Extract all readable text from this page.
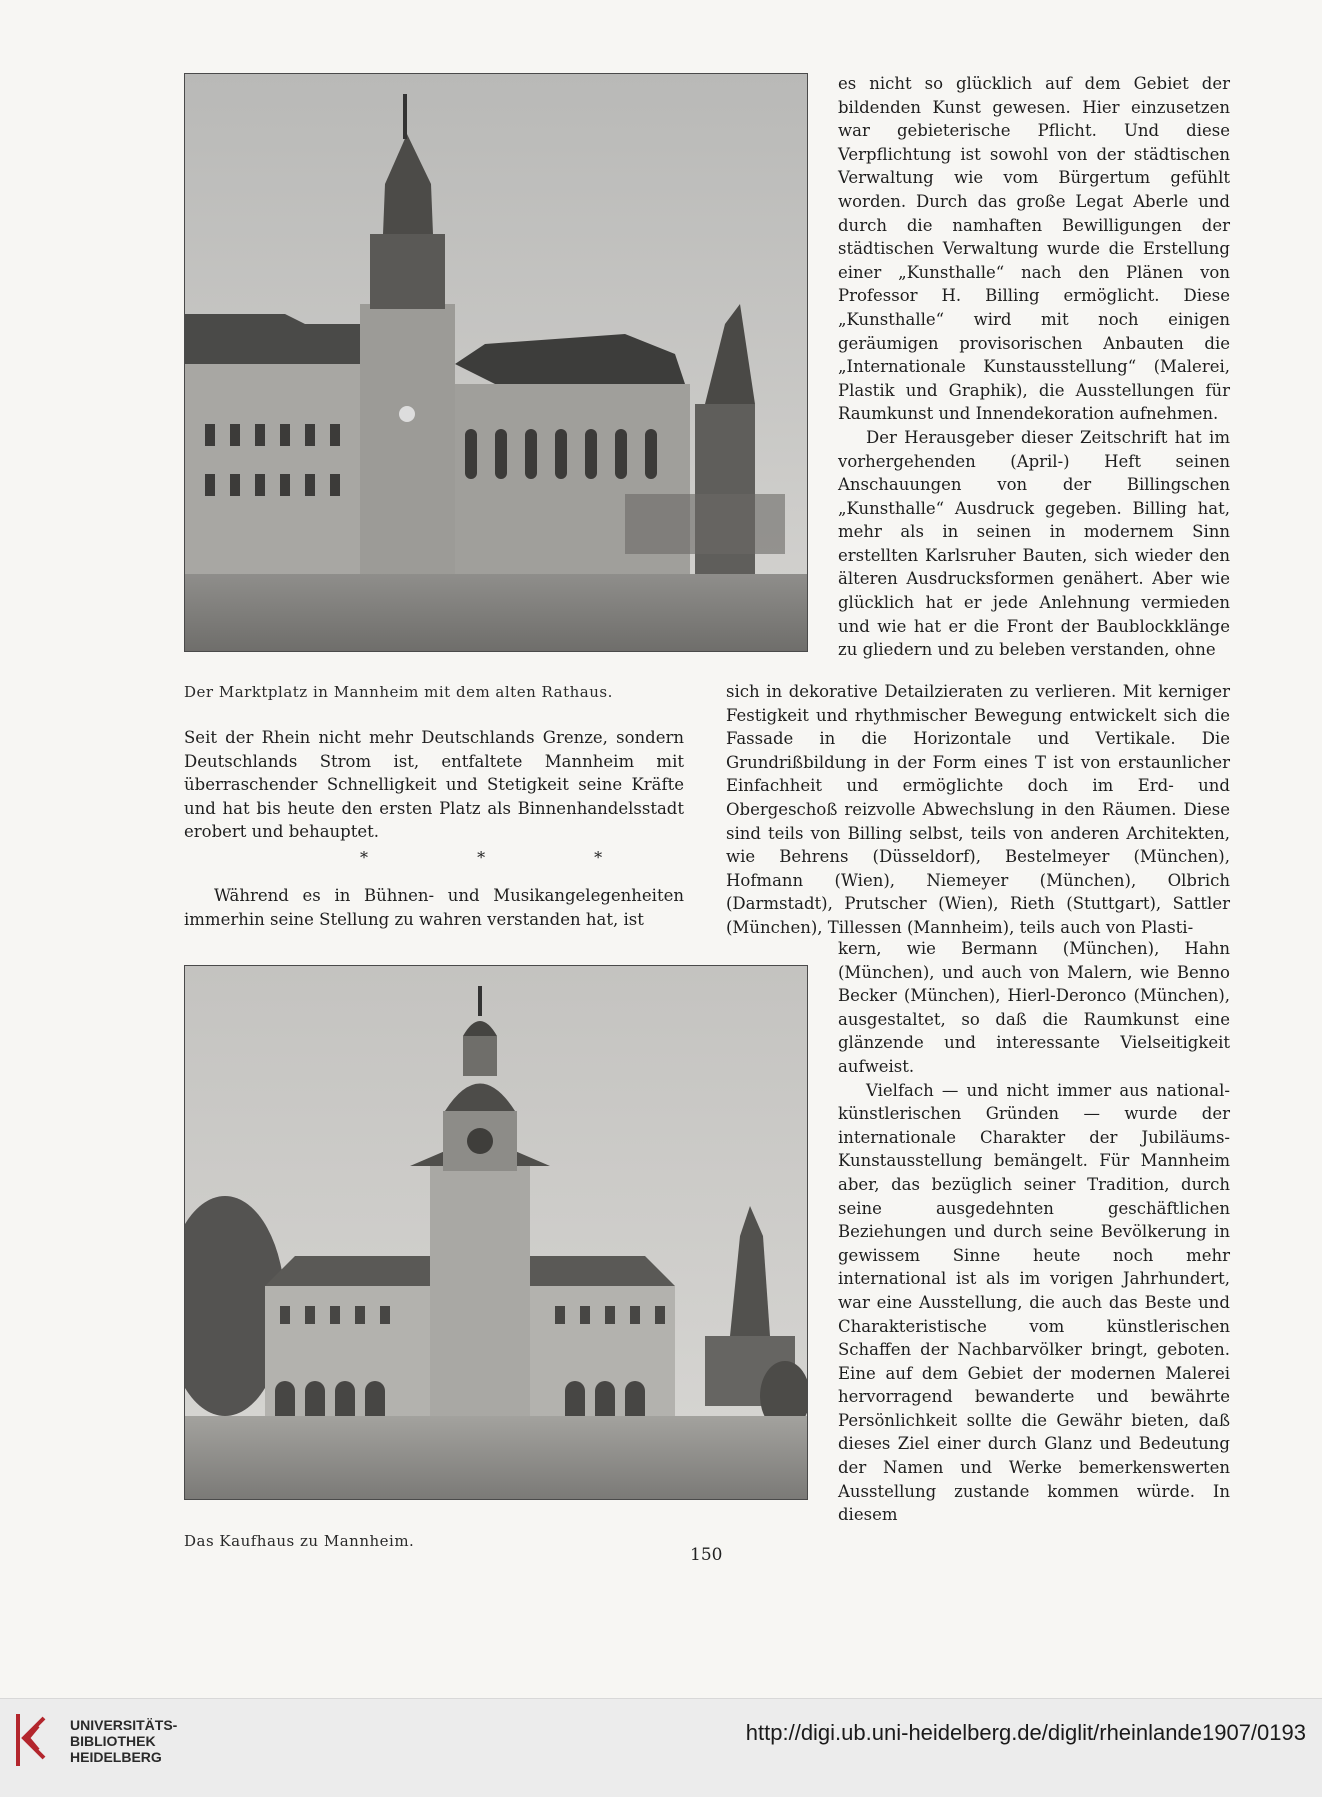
Der Marktplatz in Mannheim mit dem alten Rathaus.

es nicht so glücklich auf dem Gebiet der bildenden Kunst gewesen. Hier einzusetzen war gebieterische Pflicht. Und diese Verpflichtung ist sowohl von der städtischen Verwaltung wie vom Bürgertum gefühlt worden. Durch das große Legat Aberle und durch die namhaften Bewilligungen der städtischen Verwaltung wurde die Erstellung einer „Kunsthalle“ nach den Plänen von Professor H. Billing ermöglicht. Diese „Kunsthalle“ wird mit noch einigen geräumigen provisorischen Anbauten die „Internationale Kunstausstellung“ (Malerei, Plastik und Graphik), die Ausstellungen für Raumkunst und Innendekoration aufnehmen.

Der Herausgeber dieser Zeitschrift hat im vorhergehenden (April-) Heft seinen Anschauungen von der Billingschen „Kunsthalle“ Ausdruck gegeben. Billing hat, mehr als in seinen in modernem Sinn erstellten Karlsruher Bauten, sich wieder den älteren Ausdrucksformen genähert. Aber wie glücklich hat er jede Anlehnung vermieden und wie hat er die Front der Baublockklänge zu gliedern und zu beleben verstanden, ohne

Seit der Rhein nicht mehr Deutschlands Grenze, sondern Deutschlands Strom ist, entfaltete Mannheim mit überraschender Schnelligkeit und Stetigkeit seine Kräfte und hat bis heute den ersten Platz als Binnenhandelsstadt erobert und behauptet.

* * *

Während es in Bühnen- und Musikangelegenheiten immerhin seine Stellung zu wahren verstanden hat, ist

sich in dekorative Detailzieraten zu verlieren. Mit kerniger Festigkeit und rhythmischer Bewegung entwickelt sich die Fassade in die Horizontale und Vertikale. Die Grundrißbildung in der Form eines T ist von erstaunlicher Einfachheit und ermöglichte doch im Erd- und Obergeschoß reizvolle Abwechslung in den Räumen. Diese sind teils von Billing selbst, teils von anderen Architekten, wie Behrens (Düsseldorf), Bestelmeyer (München), Hofmann (Wien), Niemeyer (München), Olbrich (Darmstadt), Prutscher (Wien), Rieth (Stuttgart), Sattler (München), Tillessen (Mannheim), teils auch von Plasti-

Das Kaufhaus zu Mannheim.

kern, wie Bermann (München), Hahn (München), und auch von Malern, wie Benno Becker (München), Hierl-Deronco (München), ausgestaltet, so daß die Raumkunst eine glänzende und interessante Vielseitigkeit aufweist.

Vielfach — und nicht immer aus national-künstlerischen Gründen — wurde der internationale Charakter der Jubiläums-Kunstausstellung bemängelt. Für Mannheim aber, das bezüglich seiner Tradition, durch seine ausgedehnten geschäftlichen Beziehungen und durch seine Bevölkerung in gewissem Sinne heute noch mehr international ist als im vorigen Jahrhundert, war eine Ausstellung, die auch das Beste und Charakteristische vom künstlerischen Schaffen der Nachbarvölker bringt, geboten. Eine auf dem Gebiet der modernen Malerei hervorragend bewanderte und bewährte Persönlichkeit sollte die Gewähr bieten, daß dieses Ziel einer durch Glanz und Bedeutung der Namen und Werke bemerkenswerten Ausstellung zustande kommen würde. In diesem

150
UNIVERSITÄTS-
BIBLIOTHEK
HEIDELBERG
http://digi.ub.uni-heidelberg.de/diglit/rheinlande1907/0193
